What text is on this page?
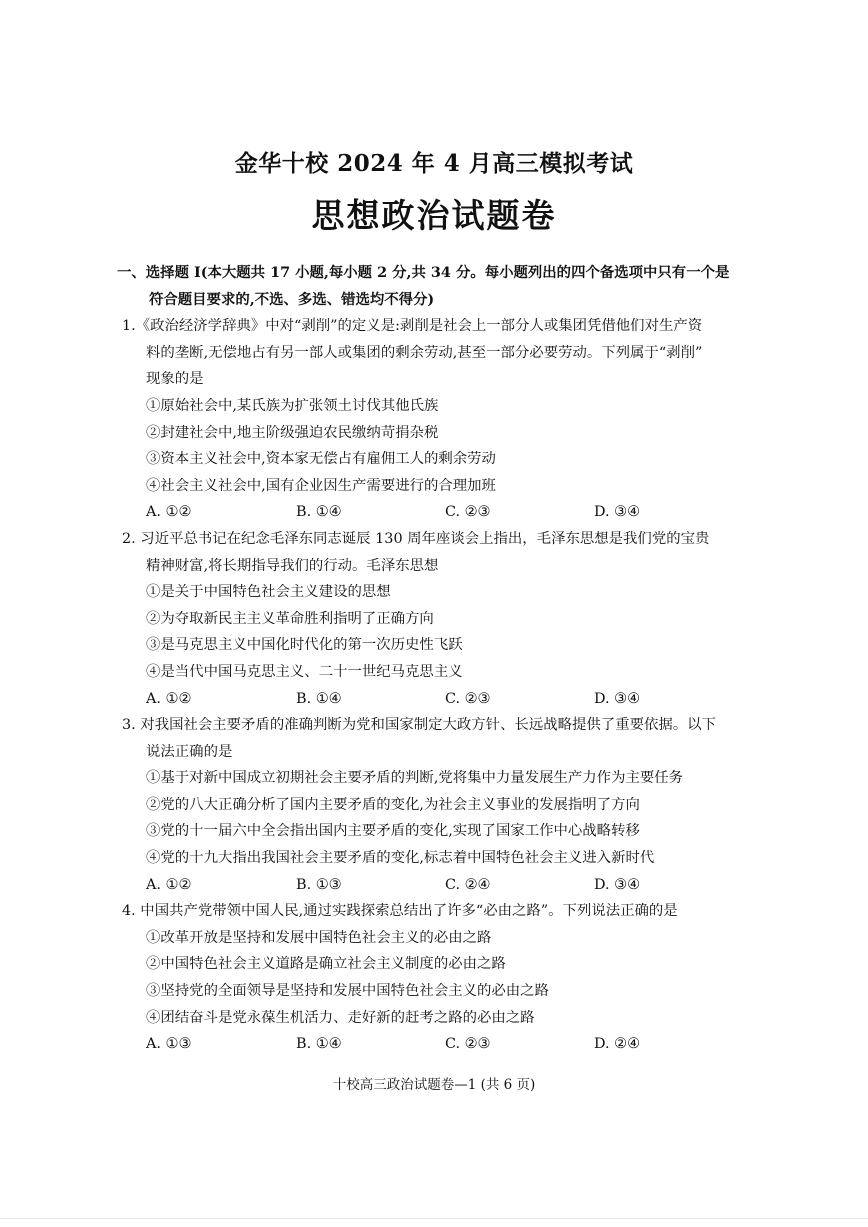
金华十校 2024 年 4 月高三模拟考试
思想政治试题卷
一、选择题 I(本大题共 17 小题,每小题 2 分,共 34 分。每小题列出的四个备选项中只有一个是
符合题目要求的,不选、多选、错选均不得分)
1.《政治经济学辞典》中对“剥削”的定义是:剥削是社会上一部分人或集团凭借他们对生产资
料的垄断,无偿地占有另一部人或集团的剩余劳动,甚至一部分必要劳动。下列属于“剥削”
现象的是
①原始社会中,某氏族为扩张领土讨伐其他氏族
②封建社会中,地主阶级强迫农民缴纳苛捐杂税
③资本主义社会中,资本家无偿占有雇佣工人的剩余劳动
④社会主义社会中,国有企业因生产需要进行的合理加班
A. ①②	B. ①④	C. ②③	D. ③④
2. 习近平总书记在纪念毛泽东同志诞辰 130 周年座谈会上指出，毛泽东思想是我们党的宝贵
精神财富,将长期指导我们的行动。毛泽东思想
①是关于中国特色社会主义建设的思想
②为夺取新民主主义革命胜利指明了正确方向
③是马克思主义中国化时代化的第一次历史性飞跃
④是当代中国马克思主义、二十一世纪马克思主义
A. ①②	B. ①④	C. ②③	D. ③④
3. 对我国社会主要矛盾的准确判断为党和国家制定大政方针、长远战略提供了重要依据。以下
说法正确的是
①基于对新中国成立初期社会主要矛盾的判断,党将集中力量发展生产力作为主要任务
②党的八大正确分析了国内主要矛盾的变化,为社会主义事业的发展指明了方向
③党的十一届六中全会指出国内主要矛盾的变化,实现了国家工作中心战略转移
④党的十九大指出我国社会主要矛盾的变化,标志着中国特色社会主义进入新时代
A. ①②	B. ①③	C. ②④	D. ③④
4. 中国共产党带领中国人民,通过实践探索总结出了许多“必由之路”。下列说法正确的是
①改革开放是坚持和发展中国特色社会主义的必由之路
②中国特色社会主义道路是确立社会主义制度的必由之路
③坚持党的全面领导是坚持和发展中国特色社会主义的必由之路
④团结奋斗是党永葆生机活力、走好新的赶考之路的必由之路
A. ①③	B. ①④	C. ②③	D. ②④
十校高三政治试题卷—1 (共 6 页)
